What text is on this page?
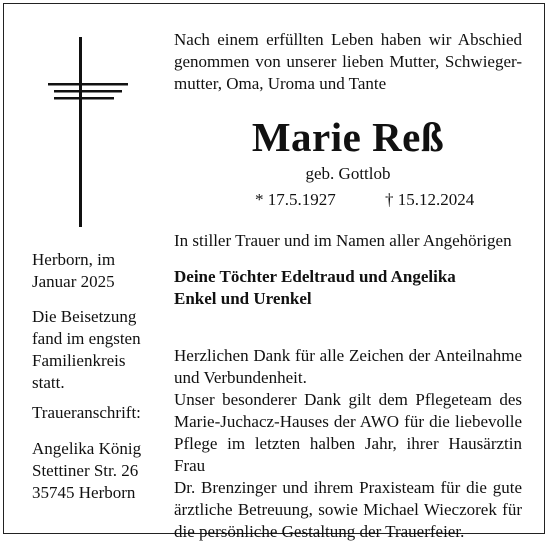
Nach einem erfüllten Leben haben wir Abschied
genommen von unserer lieben Mutter, Schwieger-
mutter, Oma, Uroma und Tante
Marie Reß
geb. Gottlob
* 17.5.1927	† 15.12.2024
Herborn, im
Januar 2025
Die Beisetzung
fand im engsten
Familienkreis
statt.
Traueranschrift:
Angelika König
Stettiner Str. 26
35745 Herborn
In stiller Trauer und im Namen aller Angehörigen
Deine Töchter Edeltraud und Angelika
Enkel und Urenkel
Herzlichen Dank für alle Zeichen der Anteilnahme
und Verbundenheit.
Unser besonderer Dank gilt dem Pflegeteam des
Marie-Juchacz-Hauses der AWO für die liebevolle
Pflege im letzten halben Jahr, ihrer Hausärztin Frau
Dr. Brenzinger und ihrem Praxisteam für die gute
ärztliche Betreuung, sowie Michael Wieczorek für
die persönliche Gestaltung der Trauerfeier.
